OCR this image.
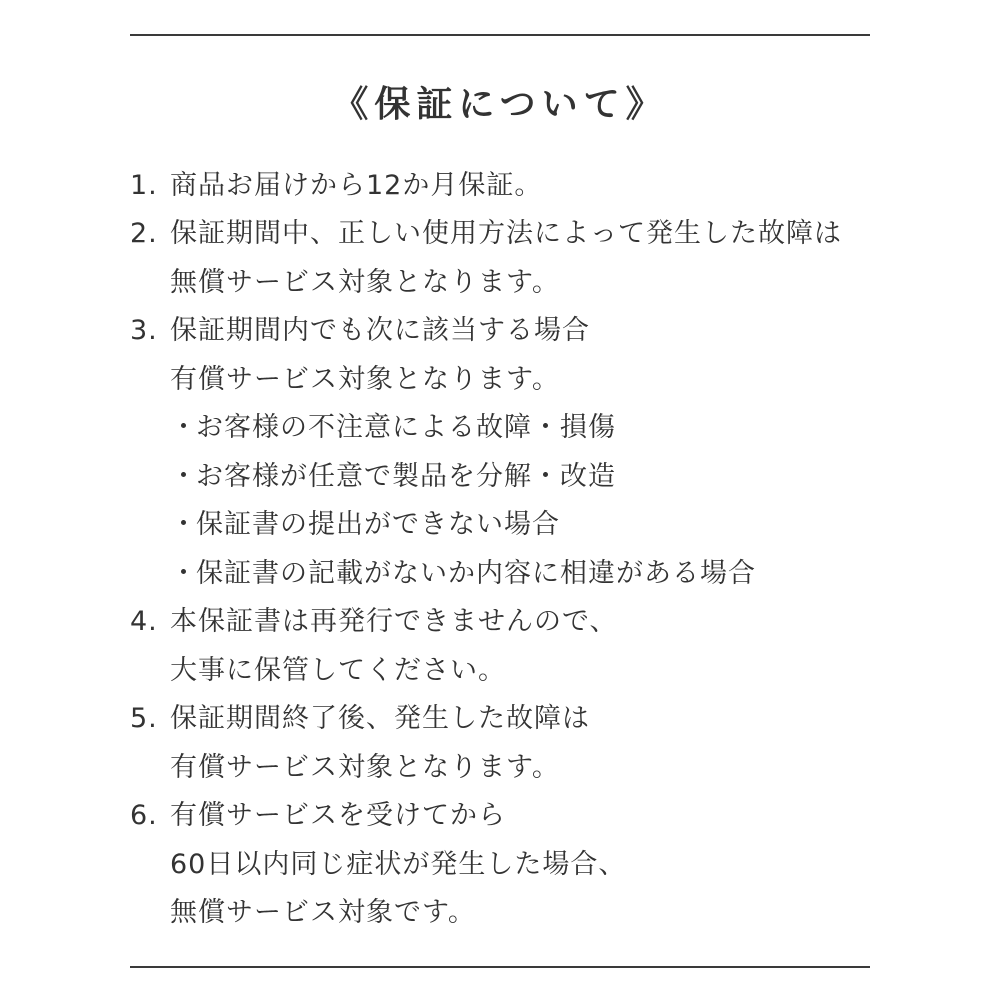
《保証について》
1. 商品お届けから12か月保証。
2. 保証期間中、正しい使用方法によって発生した故障は
無償サービス対象となります。
3. 保証期間内でも次に該当する場合
有償サービス対象となります。
・お客様の不注意による故障・損傷
・お客様が任意で製品を分解・改造
・保証書の提出ができない場合
・保証書の記載がないか内容に相違がある場合
4. 本保証書は再発行できませんので、
大事に保管してください。
5. 保証期間終了後、発生した故障は
有償サービス対象となります。
6. 有償サービスを受けてから
60日以内同じ症状が発生した場合、
無償サービス対象です。
